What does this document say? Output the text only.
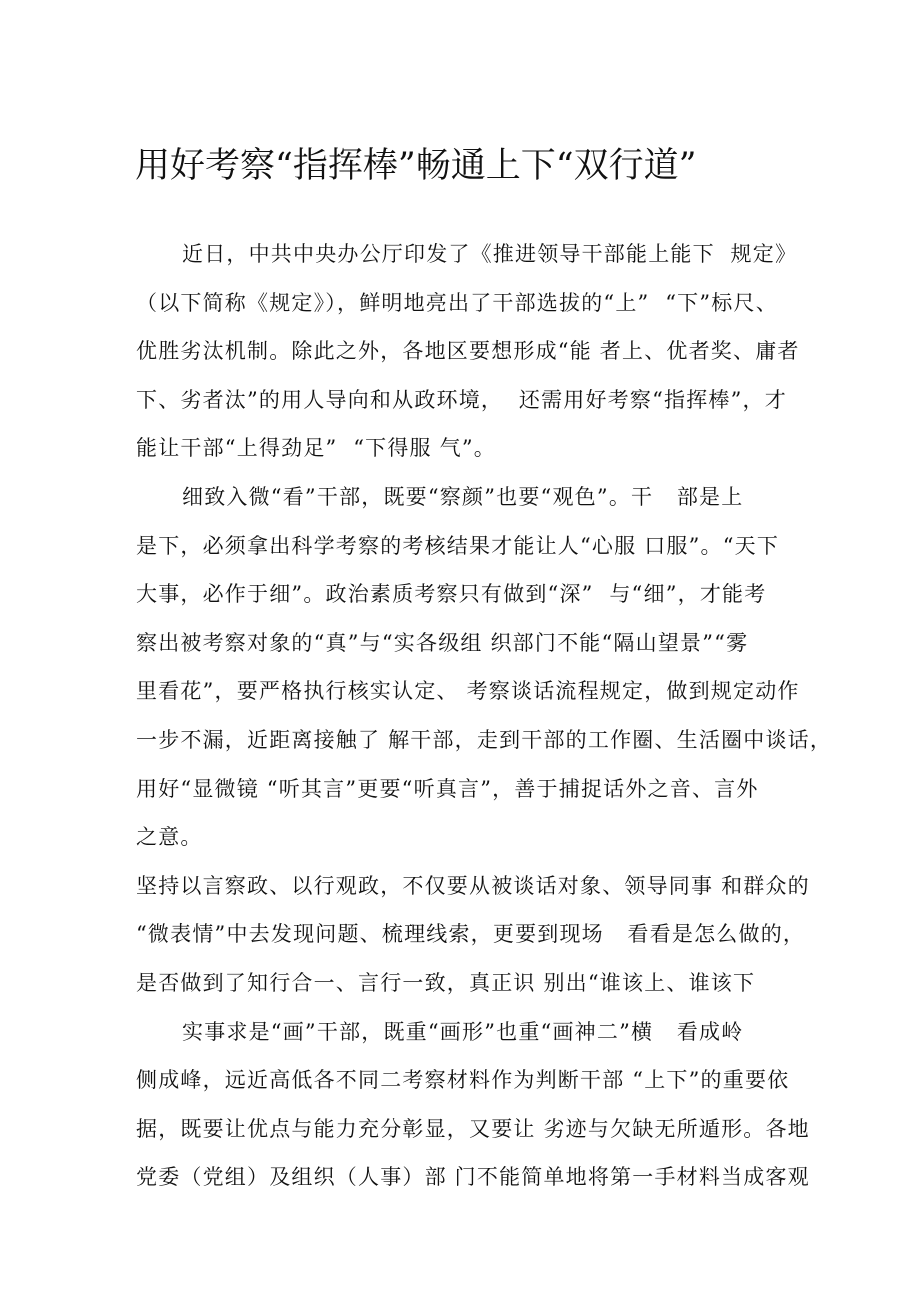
用好考察“指挥棒”畅通上下“双行道”
近日，中共中央办公厅印发了《推进领导干部能上能下  规定》
（以下简称《规定》），鲜明地亮出了干部选拔的“上”  “下”标尺、
优胜劣汰机制。除此之外，各地区要想形成“能 者上、优者奖、庸者
下、劣者汰”的用人导向和从政环境，  还需用好考察“指挥棒”，才
能让干部“上得劲足”  “下得服 气”。
细致入微“看”干部，既要“察颜”也要“观色”。干   部是上
是下，必须拿出科学考察的考核结果才能让人“心服 口服”。“天下
大事，必作于细”。政治素质考察只有做到“深”  与“细”，才能考
察出被考察对象的“真”与“实各级组 织部门不能“隔山望景”“雾
里看花”，要严格执行核实认定、 考察谈话流程规定，做到规定动作
一步不漏，近距离接触了 解干部，走到干部的工作圈、生活圈中谈话，
用好“显微镜 “听其言”更要“听真言”，善于捕捉话外之音、言外
之意。
坚持以言察政、以行观政，不仅要从被谈话对象、领导同事 和群众的
“微表情”中去发现问题、梳理线索，更要到现场   看看是怎么做的，
是否做到了知行合一、言行一致，真正识 别出“谁该上、谁该下
实事求是“画”干部，既重“画形”也重“画神二”横   看成岭
侧成峰，远近高低各不同二考察材料作为判断干部 “上下”的重要依
据，既要让优点与能力充分彰显，又要让 劣迹与欠缺无所遁形。各地
党委（党组）及组织（人事）部 门不能简单地将第一手材料当成客观
